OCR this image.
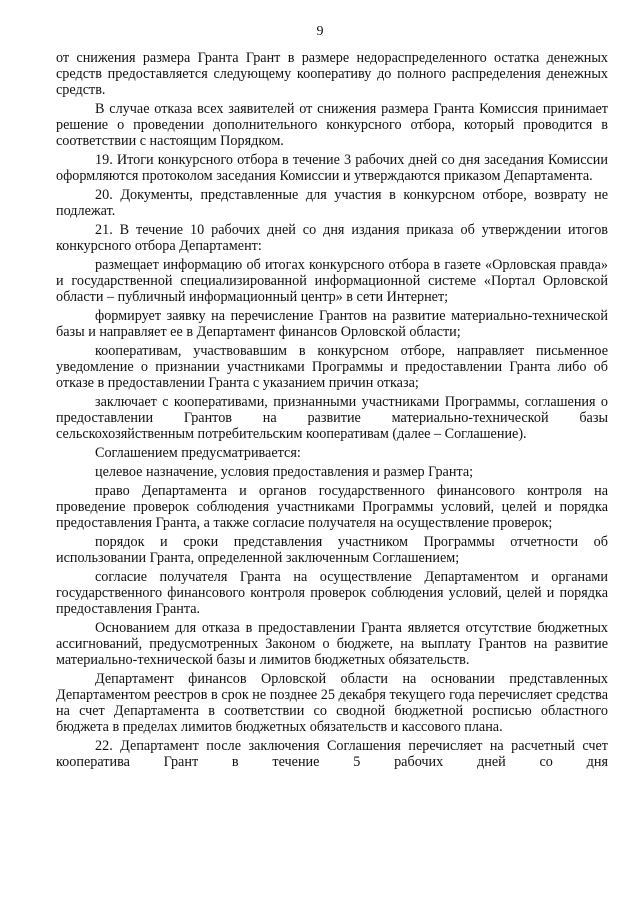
9

от снижения размера Гранта Грант в размере недораспределенного остатка денежных средств предоставляется следующему кооперативу до полного распределения денежных средств.

В случае отказа всех заявителей от снижения размера Гранта Комиссия принимает решение о проведении дополнительного конкурсного отбора, который проводится в соответствии с настоящим Порядком.

19. Итоги конкурсного отбора в течение 3 рабочих дней со дня заседания Комиссии оформляются протоколом заседания Комиссии и утверждаются приказом Департамента.

20. Документы, представленные для участия в конкурсном отборе, возврату не подлежат.

21. В течение 10 рабочих дней со дня издания приказа об утверждении итогов конкурсного отбора Департамент:

размещает информацию об итогах конкурсного отбора в газете «Орловская правда» и государственной специализированной информационной системе «Портал Орловской области – публичный информационный центр» в сети Интернет;

формирует заявку на перечисление Грантов на развитие материально-технической базы и направляет ее в Департамент финансов Орловской области;

кооперативам, участвовавшим в конкурсном отборе, направляет письменное уведомление о признании участниками Программы и предоставлении Гранта либо об отказе в предоставлении Гранта с указанием причин отказа;

заключает с кооперативами, признанными участниками Программы, соглашения о предоставлении Грантов на развитие материально-технической базы сельскохозяйственным потребительским кооперативам (далее – Соглашение).

Соглашением предусматривается:

целевое назначение, условия предоставления и размер Гранта;

право Департамента и органов государственного финансового контроля на проведение проверок соблюдения участниками Программы условий, целей и порядка предоставления Гранта, а также согласие получателя на осуществление проверок;

порядок и сроки представления участником Программы отчетности об использовании Гранта, определенной заключенным Соглашением;

согласие получателя Гранта на осуществление Департаментом и органами государственного финансового контроля проверок соблюдения условий, целей и порядка предоставления Гранта.

Основанием для отказа в предоставлении Гранта является отсутствие бюджетных ассигнований, предусмотренных Законом о бюджете, на выплату Грантов на развитие материально-технической базы и лимитов бюджетных обязательств.

Департамент финансов Орловской области на основании представленных Департаментом реестров в срок не позднее 25 декабря текущего года перечисляет средства на счет Департамента в соответствии со сводной бюджетной росписью областного бюджета в пределах лимитов бюджетных обязательств и кассового плана.

22. Департамент после заключения Соглашения перечисляет на расчетный счет кооператива Грант в течение 5 рабочих дней со дня
